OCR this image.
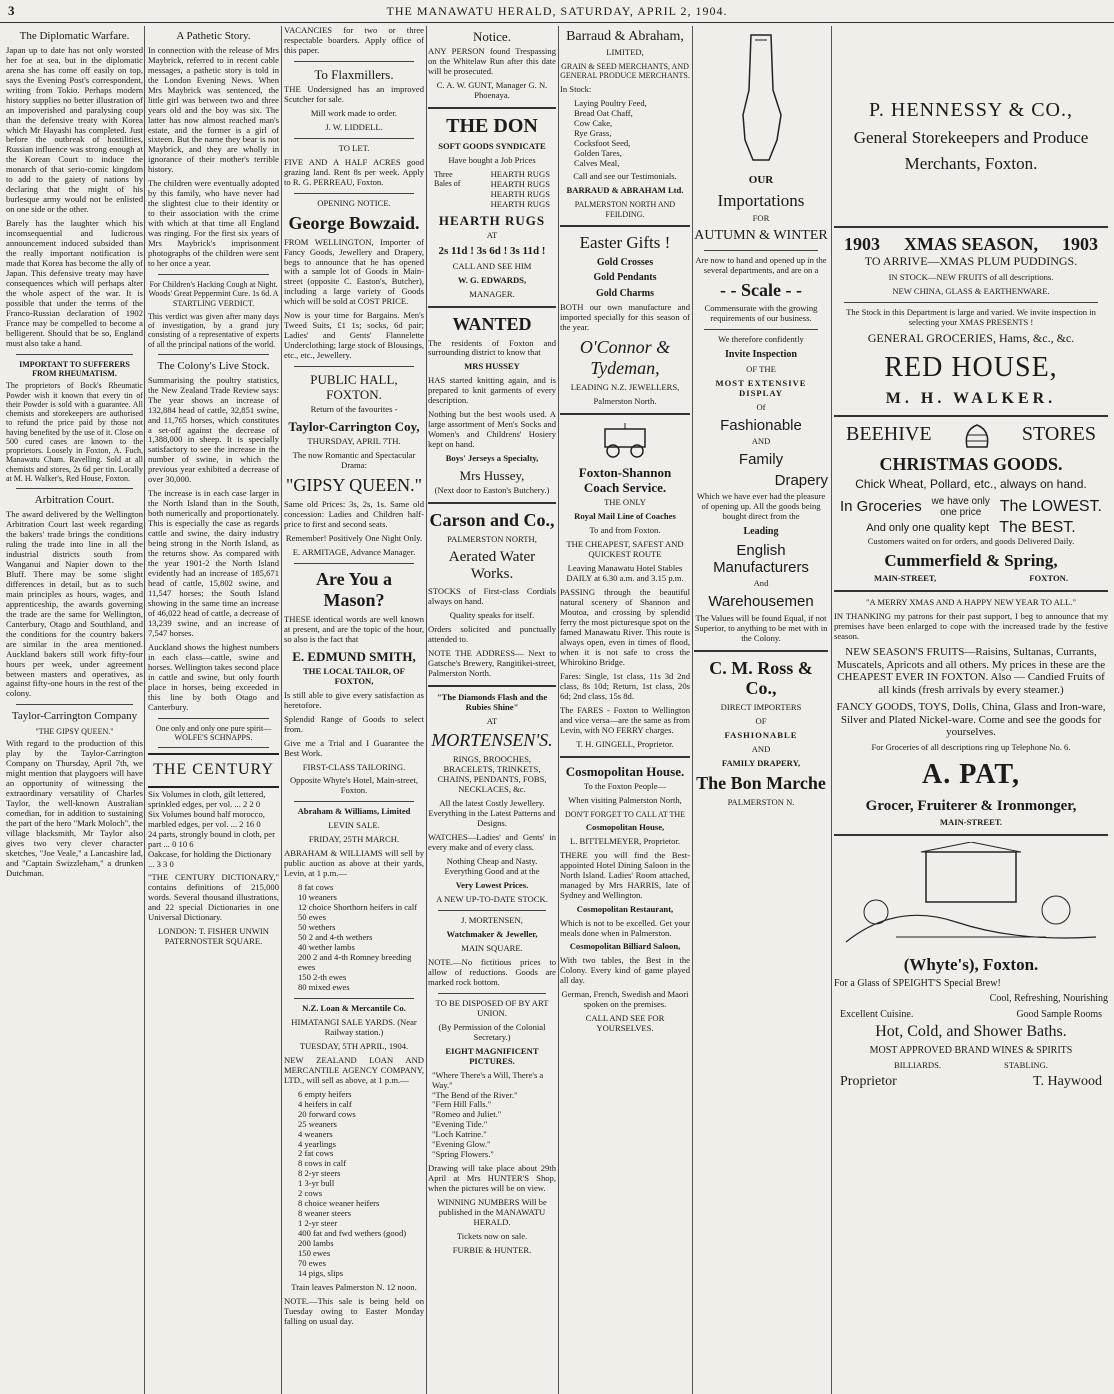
3	THE MANAWATU HERALD, SATURDAY, APRIL 2, 1904.
The Diplomatic Warfare.

Japan up to date has not only worsted her foe at sea, but in the diplomatic arena she has come off easily on top, says the Evening Post's correspondent, writing from Tokio. Perhaps modern history supplies no better illustration of an impoverished and paralysing coup than the defensive treaty with Korea which Mr Hayashi has completed. Just before the outbreak of hostilities, Russian influence was strong enough at the Korean Court to induce the monarch of that serio-comic kingdom to add to the gaiety of nations by declaring that the might of his burlesque army would not be enlisted on one side or the other.

Barely has the laughter which his incomsequential and ludicrous announcement induced subsided than the really important notification is made that Korea has become the ally of Japan. This defensive treaty may have consequences which will perhaps alter the whole aspect of the war. It is possible that under the terms of the Franco-Russian declaration of 1902 France may be compelled to become a belligerent. Should that be so, England must also take a hand.

IMPORTANT TO SUFFERERS FROM RHEUMATISM.

The proprietors of Bock's Rheumatic Powder wish it known that every tin of their Powder is sold with a guarantee. All chemists and storekeepers are authorised to refund the price paid by those not having benefited by the use of it. Close on 500 cured cases are known to the proprietors. Loosely in Foxton, A. Fuch, Manawatu Cham. Ravelling. Sold at all chemists and stores, 2s 6d per tin. Locally at M. H. Walker's, Red House, Foxton.

Arbitration Court.

The award delivered by the Wellington Arbitration Court last week regarding the bakers' trade brings the conditions ruling the trade into line in all the industrial districts south from Wanganui and Napier down to the Bluff. There may be some slight differences in detail, but as to such main principles as hours, wages, and apprenticeship, the awards governing the trade are the same for Wellington, Canterbury, Otago and Southland, and the conditions for the country bakers are similar in the area mentioned. Auckland bakers still work fifty-four hours per week, under agreement between masters and operatives, as against fifty-one hours in the rest of the colony.

Taylor-Carrington Company
"THE GIPSY QUEEN."

With regard to the production of this play by the Taylor-Carrington Company on Thursday, April 7th, we might mention that playgoers will have an opportunity of witnessing the extraordinary versatility of Charles Taylor, the well-known Australian comedian, for in addition to sustaining the part of the hero "Mark Moloch", the village blacksmith, Mr Taylor also gives two very clever character sketches, "Joe Veale," a Lancashire lad, and "Captain Swizzleham," a drunken Dutchman.

A Pathetic Story.

In connection with the release of Mrs Maybrick, referred to in recent cable messages, a pathetic story is told in the London Evening News. When Mrs Maybrick was sentenced, the little girl was between two and three years old and the boy was six. The latter has now almost reached man's estate, and the former is a girl of sixteen. But the name they bear is not Maybrick, and they are wholly in ignorance of their mother's terrible history.

The children were eventually adopted by this family, who have never had the slightest clue to their identity or to their association with the crime with which at that time all England was ringing. For the first six years of Mrs Maybrick's imprisonment photographs of the children were sent to her once a year.

For Children's Hacking Cough at Night. Woods' Great Peppermint Cure. 1s 6d. A STARTLING VERDICT.

This verdict was given after many days of investigation, by a grand jury consisting of a representative of experts of all the principal nations of the world.

The Colony's Live Stock.

Summarising the poultry statistics, the New Zealand Trade Review says: The year shows an increase of 132,884 head of cattle, 32,851 swine, and 11,765 horses, which constitutes a set-off against the decrease of 1,388,000 in sheep. It is specially satisfactory to see the increase in the number of swine, in which the previous year exhibited a decrease of over 30,000.

The increase is in each case larger in the North Island than in the South, both numerically and proportionately. This is especially the case as regards cattle and swine, the dairy industry being strong in the North Island, as the returns show. As compared with the year 1901-2 the North Island evidently had an increase of 185,671 head of cattle, 15,802 swine, and 11,547 horses; the South Island showing in the same time an increase of 46,022 head of cattle, a decrease of 13,239 swine, and an increase of 7,547 horses.

Auckland shows the highest numbers in each class—cattle, swine and horses. Wellington takes second place in cattle and swine, but only fourth place in horses, being exceeded in this line by both Otago and Canterbury.

One only and only one pure spirit— WOLFE'S SCHNAPPS.

THE CENTURY
Six Volumes in cloth, gilt lettered, sprinkled edges, per vol. ... 2 2 0
Six Volumes bound half morocco, marbled edges, per vol. ... 2 16 0
24 parts, strongly bound in cloth, per part ... 0 10 6
Oakcase, for holding the Dictionary ... 3 3 0

"THE CENTURY DICTIONARY," contains definitions of 215,000 words. Several thousand illustrations, and 22 special Dictionaries in one Universal Dictionary.

LONDON: T. FISHER UNWIN PATERNOSTER SQUARE.

VACANCIES for two or three respectable boarders. Apply office of this paper.

To Flaxmillers.

THE Undersigned has an improved Scutcher for sale.

Mill work made to order.

J. W. LIDDELL.

TO LET.

FIVE AND A HALF ACRES good grazing land. Rent 8s per week. Apply to R. G. PERREAU, Foxton.

OPENING NOTICE.

George Bowzaid.

FROM WELLINGTON, Importer of Fancy Goods, Jewellery and Drapery, begs to announce that he has opened with a sample lot of Goods in Main-street (opposite C. Easton's, Butcher), including a large variety of Goods which will be sold at COST PRICE.

Now is your time for Bargains. Men's Tweed Suits, £1 1s; socks, 6d pair; Ladies' and Gents' Flannelette Underclothing; large stock of Blousings, etc., etc., Jewellery.

PUBLIC HALL, FOXTON.

Return of the favourites -

Taylor-Carrington Coy,

THURSDAY, APRIL 7TH.

The now Romantic and Spectacular Drama:

"GIPSY QUEEN."

Same old Prices: 3s, 2s, 1s. Same old concession: Ladies and Children half-price to first and second seats.

Remember! Positively One Night Only.

E. ARMITAGE, Advance Manager.

Are You a Mason?

THESE identical words are well known at present, and are the topic of the hour, so also is the fact that

E. EDMUND SMITH,

THE LOCAL TAILOR, OF FOXTON,

Is still able to give every satisfaction as heretofore.

Splendid Range of Goods to select from.

Give me a Trial and I Guarantee the Best Work.

FIRST-CLASS TAILORING.

Opposite Whyte's Hotel, Main-street, Foxton.

Abraham & Williams, Limited

LEVIN SALE.

FRIDAY, 25TH MARCH.

ABRAHAM & WILLIAMS will sell by public auction as above at their yards, Levin, at 1 p.m.—

8 fat cows
10 weaners
12 choice Shorthorn heifers in calf
50 ewes
50 wethers
50 2 and 4-th wethers
40 wether lambs
200 2 and 4-th Romney breeding ewes
150 2-th ewes
80 mixed ewes

N.Z. Loan & Mercantile Co.

HIMATANGI SALE YARDS. (Near Railway station.)

TUESDAY, 5TH APRIL, 1904.

NEW ZEALAND LOAN AND MERCANTILE AGENCY COMPANY, LTD., will sell as above, at 1 p.m.—

6 empty heifers
4 heifers in calf
20 forward cows
25 weaners
4 weaners
4 yearlings
2 fat cows
8 cows in calf
8 2-yr steers
1 3-yr bull
2 cows
8 choice weaner heifers
8 weaner steers
1 2-yr steer
400 fat and fwd wethers (good)
200 lambs
150 ewes
70 ewes
14 pigs, slips

Train leaves Palmerston N. 12 noon.

NOTE.—This sale is being held on Tuesday owing to Easter Monday falling on usual day.

Notice.

ANY PERSON found Trespassing on the Whitelaw Run after this date will be prosecuted.

C. A. W. GUNT, Manager G. N. Phoenaya.

THE DON

SOFT GOODS SYNDICATE

Have bought a Job Prices

Three Bales of
HEARTH RUGS
HEARTH RUGS
HEARTH RUGS
HEARTH RUGS
HEARTH RUGS

AT

2s 11d ! 3s 6d ! 3s 11d !

CALL AND SEE HIM

W. G. EDWARDS,

MANAGER.

WANTED

The residents of Foxton and surrounding district to know that

MRS HUSSEY

HAS started knitting again, and is prepared to knit garments of every description.

Nothing but the best wools used. A large assortment of Men's Socks and Women's and Childrens' Hosiery kept on hand.

Boys' Jerseys a Specialty,

Mrs Hussey,

(Next door to Easton's Butchery.)

Carson and Co.,

PALMERSTON NORTH,

Aerated Water Works.

STOCKS of First-class Cordials always on hand.

Quality speaks for itself.

Orders solicited and punctually attended to.

NOTE THE ADDRESS— Next to Gatsche's Brewery, Rangitikei-street, Palmerston North.

"The Diamonds Flash and the Rubies Shine"

AT

MORTENSEN'S.

RINGS, BROOCHES, BRACELETS, TRINKETS, CHAINS, PENDANTS, FOBS, NECKLACES, &c.

All the latest Costly Jewellery. Everything in the Latest Patterns and Designs.

WATCHES—Ladies' and Gents' in every make and of every class.

Nothing Cheap and Nasty. Everything Good and at the

Very Lowest Prices.

A NEW UP-TO-DATE STOCK.

J. MORTENSEN,

Watchmaker & Jeweller,

MAIN SQUARE.

NOTE.—No fictitious prices to allow of reductions. Goods are marked rock bottom.

TO BE DISPOSED OF BY ART UNION.

(By Permission of the Colonial Secretary.)

EIGHT MAGNIFICENT PICTURES.

"Where There's a Will, There's a Way."
"The Bend of the River."
"Fern Hill Falls."
"Romeo and Juliet."
"Evening Tide."
"Loch Katrine."
"Evening Glow."
"Spring Flowers."

Drawing will take place about 29th April at Mrs HUNTER'S Shop, when the pictures will be on view.

WINNING NUMBERS Will be published in the MANAWATU HERALD.

Tickets now on sale.

FURBIE & HUNTER.

Barraud & Abraham,

LIMITED,

GRAIN & SEED MERCHANTS, AND GENERAL PRODUCE MERCHANTS.

In Stock:

Laying Poultry Feed,
Bread Oat Chaff,
Cow Cake,
Rye Grass,
Cocksfoot Seed,
Golden Tares,
Calves Meal,

Call and see our Testimonials.

BARRAUD & ABRAHAM Ltd.

PALMERSTON NORTH AND FEILDING.

Easter Gifts !

Gold Crosses

Gold Pendants

Gold Charms

BOTH our own manufacture and imported specially for this season of the year.

O'Connor & Tydeman,

LEADING N.Z. JEWELLERS,

Palmerston North.

Foxton-Shannon Coach Service.

THE ONLY

Royal Mail Line of Coaches

To and from Foxton.

THE CHEAPEST, SAFEST AND QUICKEST ROUTE

Leaving Manawatu Hotel Stables DAILY at 6.30 a.m. and 3.15 p.m.

PASSING through the beautiful natural scenery of Shannon and Moutoa, and crossing by splendid ferry the most picturesque spot on the famed Manawatu River. This route is always open, even in times of flood, when it is not safe to cross the Whirokino Bridge.

Fares: Single, 1st class, 11s 3d 2nd class, 8s 10d; Return, 1st class, 20s 6d; 2nd class, 15s 8d.

The FARES - Foxton to Wellington and vice versa—are the same as from Levin, with NO FERRY charges.

T. H. GINGELL, Proprietor.

Cosmopolitan House.

To the Foxton People—

When visiting Palmerston North,

DON'T FORGET TO CALL AT THE

Cosmopolitan House,

L. BITTELMEYER, Proprietor.

THERE you will find the Best-appointed Hotel Dining Saloon in the North Island. Ladies' Room attached, managed by Mrs HARRIS, late of Sydney and Wellington.

Cosmopolitan Restaurant,

Which is not to be excelled. Get your meals done when in Palmerston.

Cosmopolitan Billiard Saloon,

With two tables, the Best in the Colony. Every kind of game played all day.

German, French, Swedish and Maori spoken on the premises.

CALL AND SEE FOR YOURSELVES.

OUR
Importations

FOR

AUTUMN & WINTER

Are now to hand and opened up in the several departments, and are on a

- - Scale - -

Commensurate with the growing requirements of our business.

We therefore confidently

Invite Inspection

OF THE

MOST EXTENSIVE DISPLAY

Of

Fashionable

AND

Family
Drapery

Which we have ever had the pleasure of opening up. All the goods being bought direct from the

Leading

English Manufacturers

And

Warehousemen

The Values will be found Equal, if not Superior, to anything to be met with in the Colony.

C. M. Ross & Co.,

DIRECT IMPORTERS

OF

FASHIONABLE

AND

FAMILY DRAPERY,

The Bon Marche

PALMERSTON N.

P. HENNESSY & CO.,
General Storekeepers and Produce Merchants, Foxton.
1903 XMAS SEASON, 1903

TO ARRIVE—XMAS PLUM PUDDINGS.

IN STOCK—NEW FRUITS of all descriptions.

NEW CHINA, GLASS & EARTHENWARE.

The Stock in this Department is large and varied. We invite inspection in selecting your XMAS PRESENTS !

GENERAL GROCERIES, Hams, &c., &c.

RED HOUSE,
M. H. WALKER.
BEEHIVE	STORES
CHRISTMAS GOODS.

Chick Wheat, Pollard, etc., always on hand.

In Groceries we have only one price	The LOWEST.
And only one quality kept The BEST.

Customers waited on for orders, and goods Delivered Daily.

Cummerfield & Spring,
MAIN-STREET,	FOXTON.

"A MERRY XMAS AND A HAPPY NEW YEAR TO ALL."

IN THANKING my patrons for their past support, I beg to announce that my premises have been enlarged to cope with the increased trade by the festive season.

NEW SEASON'S FRUITS—Raisins, Sultanas, Currants, Muscatels, Apricots and all others. My prices in these are the CHEAPEST EVER IN FOXTON. Also — Candied Fruits of all kinds (fresh arrivals by every steamer.)

FANCY GOODS, TOYS, Dolls, China, Glass and Iron-ware, Silver and Plated Nickel-ware. Come and see the goods for yourselves.

For Groceries of all descriptions ring up Telephone No. 6.

A. PAT,
Grocer, Fruiterer & Ironmonger,

MAIN-STREET.

(Whyte's), Foxton.

For a Glass of SPEIGHT'S Special Brew!

Cool, Refreshing, Nourishing

Excellent Cuisine.	Good Sample Rooms
Hot, Cold, and Shower Baths.

MOST APPROVED BRAND WINES & SPIRITS

BILLIARDS.	STABLING.
Proprietor	T. Haywood
